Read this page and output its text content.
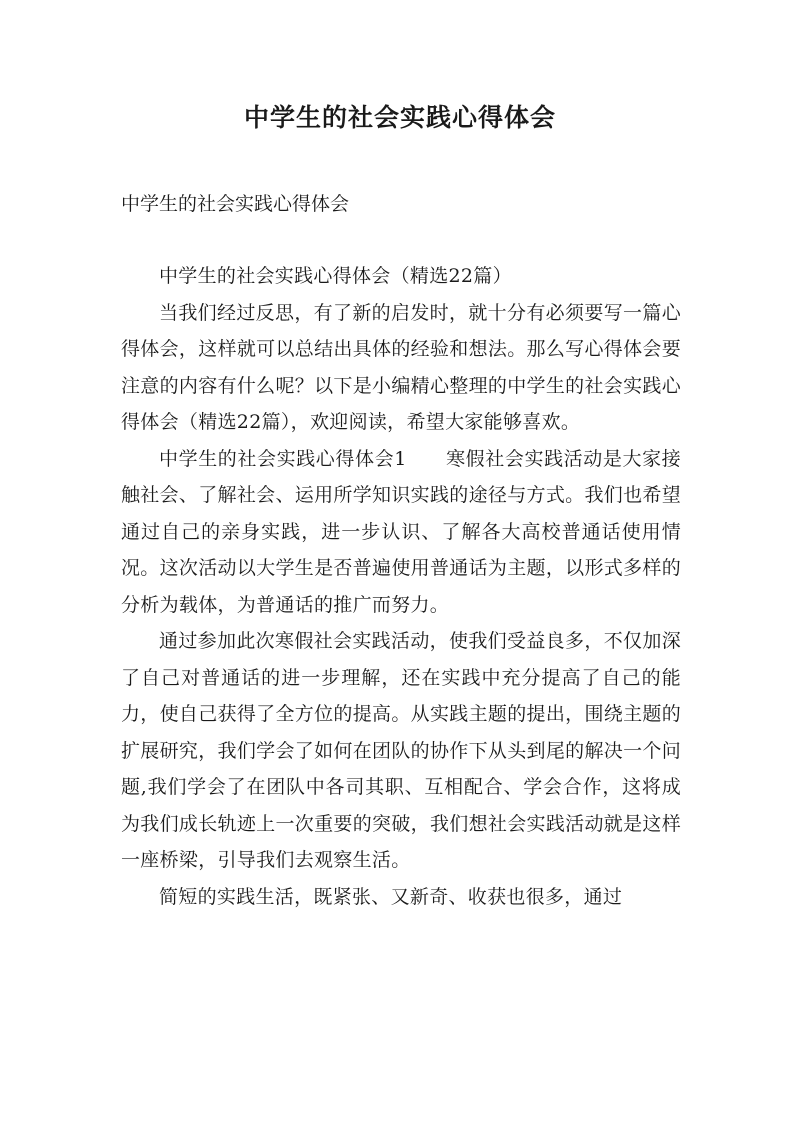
中学生的社会实践心得体会

中学生的社会实践心得体会

中学生的社会实践心得体会（精选22篇）

当我们经过反思，有了新的启发时，就十分有必须要写一篇心得体会，这样就可以总结出具体的经验和想法。那么写心得体会要注意的内容有什么呢？以下是小编精心整理的中学生的社会实践心得体会（精选22篇），欢迎阅读，希望大家能够喜欢。

中学生的社会实践心得体会1　　寒假社会实践活动是大家接触社会、了解社会、运用所学知识实践的途径与方式。我们也希望通过自己的亲身实践，进一步认识、了解各大高校普通话使用情况。这次活动以大学生是否普遍使用普通话为主题，以形式多样的分析为载体，为普通话的推广而努力。

通过参加此次寒假社会实践活动，使我们受益良多，不仅加深了自己对普通话的进一步理解，还在实践中充分提高了自己的能力，使自己获得了全方位的提高。从实践主题的提出，围绕主题的扩展研究，我们学会了如何在团队的协作下从头到尾的解决一个问题,我们学会了在团队中各司其职、互相配合、学会合作，这将成为我们成长轨迹上一次重要的突破，我们想社会实践活动就是这样一座桥梁，引导我们去观察生活。

简短的实践生活，既紧张、又新奇、收获也很多，通过
